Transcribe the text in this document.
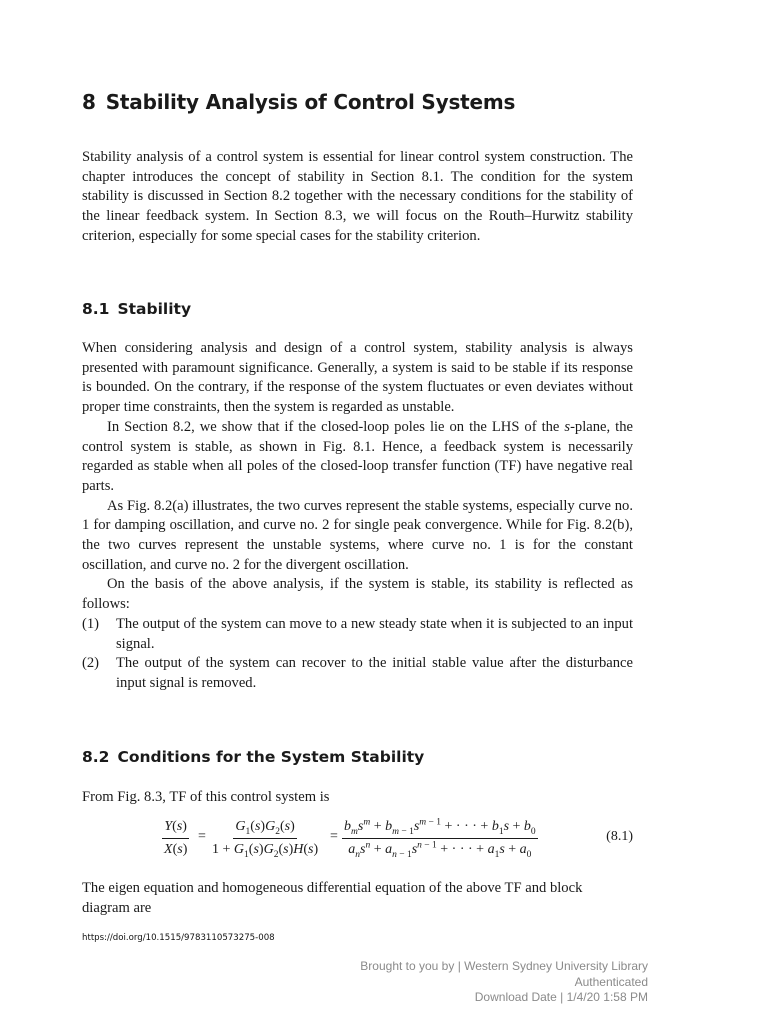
8 Stability Analysis of Control Systems

Stability analysis of a control system is essential for linear control system construction. The chapter introduces the concept of stability in Section 8.1. The condition for the system stability is discussed in Section 8.2 together with the necessary conditions for the stability of the linear feedback system. In Section 8.3, we will focus on the Routh–Hurwitz stability criterion, especially for some special cases for the stability criterion.

8.1 Stability

When considering analysis and design of a control system, stability analysis is always presented with paramount significance. Generally, a system is said to be stable if its response is bounded. On the contrary, if the response of the system fluctuates or even deviates without proper time constraints, then the system is regarded as unstable.

In Section 8.2, we show that if the closed-loop poles lie on the LHS of the s-plane, the control system is stable, as shown in Fig. 8.1. Hence, a feedback system is necessarily regarded as stable when all poles of the closed-loop transfer function (TF) have negative real parts.

As Fig. 8.2(a) illustrates, the two curves represent the stable systems, especially curve no. 1 for damping oscillation, and curve no. 2 for single peak convergence. While for Fig. 8.2(b), the two curves represent the unstable systems, where curve no. 1 is for the constant oscillation, and curve no. 2 for the divergent oscillation.

On the basis of the above analysis, if the system is stable, its stability is reflected as follows:

(1) The output of the system can move to a new steady state when it is subjected to an input signal.
(2) The output of the system can recover to the initial stable value after the disturbance input signal is removed.
8.2 Conditions for the System Stability

From Fig. 8.3, TF of this control system is

$\frac{Y(s)}{X(s)} = \frac{G_1(s)G_2(s)}{1 + G_1(s)G_2(s)H(s)}$ =
$b_ms^m + b_{m - 1}s^{m - 1}$ + · · · + $b_1s + b_0$
$a_ns^n + a_{n - 1}s^{n - 1}$ + · · · + $a_1s + a_0$
(8.1)

The eigen equation and homogeneous differential equation of the above TF and block diagram are

https://doi.org/10.1515/9783110573275-008

Brought to you by | Western Sydney University Library
Authenticated
Download Date | 1/4/20 1:58 PM
